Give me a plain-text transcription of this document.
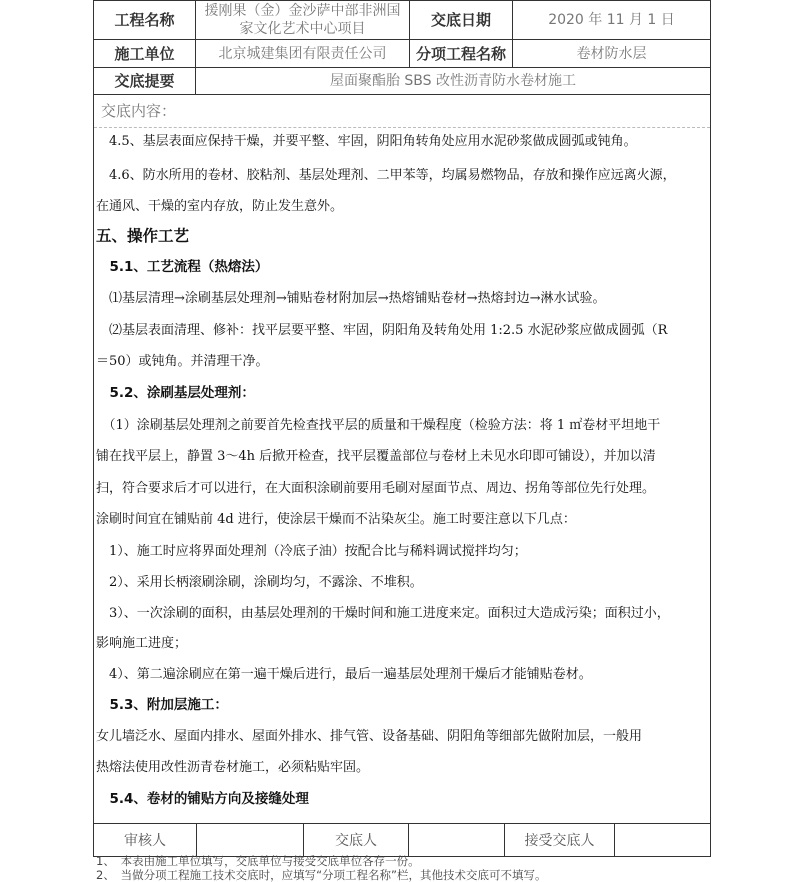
工程名称	援刚果（金）金沙萨中部非洲国家文化艺术中心项目	交底日期	2020 年 11 月 1 日
施工单位	北京城建集团有限责任公司	分项工程名称	卷材防水层
交底提要	屋面聚酯胎 SBS 改性沥青防水卷材施工		
交底内容：
　4.5、基层表面应保持干燥，并要平整、牢固，阴阳角转角处应用水泥砂浆做成圆弧或钝角。
　4.6、防水所用的卷材、胶粘剂、基层处理剂、二甲苯等，均属易燃物品，存放和操作应远离火源，
在通风、干燥的室内存放，防止发生意外。
五、操作工艺
　5.1、工艺流程（热熔法）
　⑴基层清理→涂刷基层处理剂→铺贴卷材附加层→热熔铺贴卷材→热熔封边→淋水试验。
　⑵基层表面清理、修补：找平层要平整、牢固，阴阳角及转角处用 1:2.5 水泥砂浆应做成圆弧（R
＝50）或钝角。并清理干净。
　5.2、涂刷基层处理剂：
　（1）涂刷基层处理剂之前要首先检查找平层的质量和干燥程度（检验方法：将 1 ㎡卷材平坦地干
铺在找平层上，静置 3～4h 后掀开检查，找平层覆盖部位与卷材上未见水印即可铺设），并加以清
扫，符合要求后才可以进行，在大面积涂刷前要用毛刷对屋面节点、周边、拐角等部位先行处理。
涂刷时间宜在铺贴前 4d 进行，使涂层干燥而不沾染灰尘。施工时要注意以下几点：
　1）、施工时应将界面处理剂（冷底子油）按配合比与稀料调试搅拌均匀；
　2）、采用长柄滚刷涂刷，涂刷均匀，不露涂、不堆积。
　3）、一次涂刷的面积，由基层处理剂的干燥时间和施工进度来定。面积过大造成污染；面积过小，
影响施工进度；
　4）、第二遍涂刷应在第一遍干燥后进行，最后一遍基层处理剂干燥后才能铺贴卷材。
　5.3、附加层施工：
女儿墙泛水、屋面内排水、屋面外排水、排气管、设备基础、阴阳角等细部先做附加层，一般用
热熔法使用改性沥青卷材施工，必须粘贴牢固。
　5.4、卷材的铺贴方向及接缝处理
审核人		交底人		接受交底人	
1、　本表由施工单位填写，交底单位与接受交底单位各存一份。
2、　当做分项工程施工技术交底时，应填写“分项工程名称”栏，其他技术交底可不填写。
